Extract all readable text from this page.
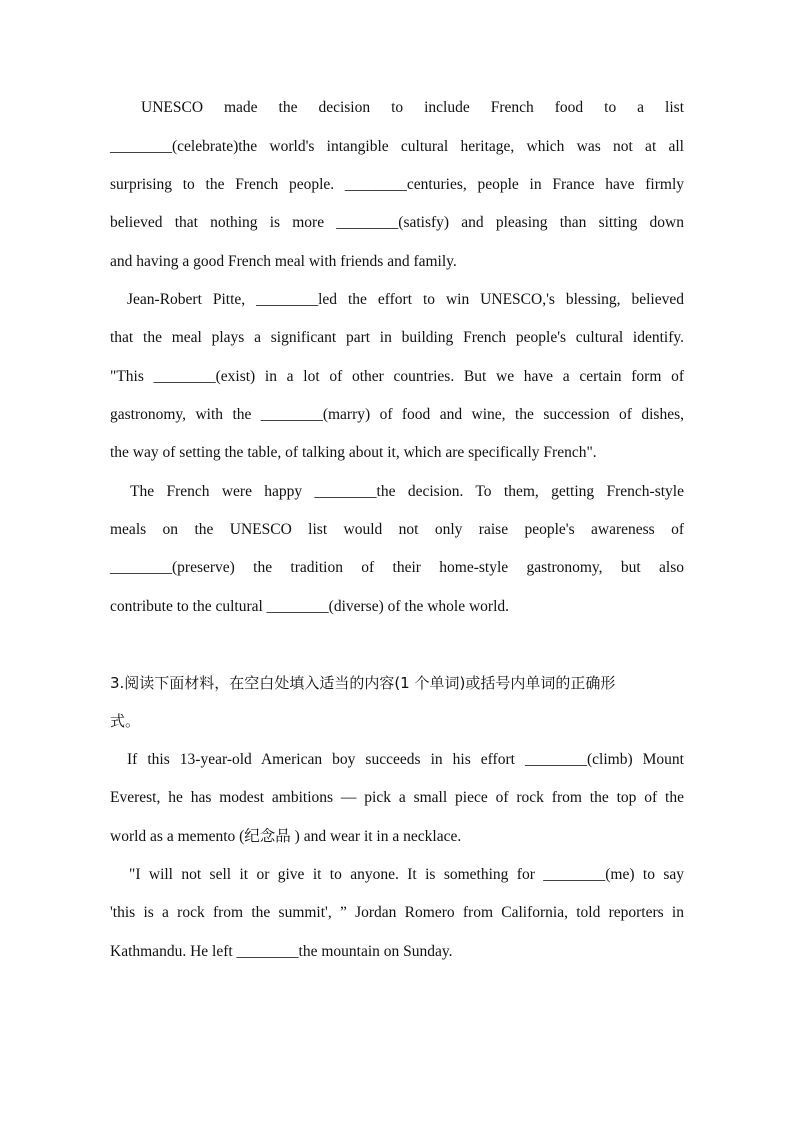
UNESCO made the decision to include French food to a list
________(celebrate)the world's intangible cultural heritage, which was not at all
surprising to the French people. ________centuries, people in France have firmly
believed that nothing is more ________(satisfy) and pleasing than sitting down
and having a good French meal with friends and family.
Jean-Robert Pitte, ________led the effort to win UNESCO,'s blessing, believed
that the meal plays a significant part in building French people's cultural identify.
"This ________(exist) in a lot of other countries. But we have a certain form of
gastronomy, with the ________(marry) of food and wine, the succession of dishes,
the way of setting the table, of talking about it, which are specifically French".
The French were happy ________the decision. To them, getting French-style
meals on the UNESCO list would not only raise people's awareness of
________(preserve) the tradition of their home-style gastronomy, but also
contribute to the cultural ________(diverse) of the whole world.
3.阅读下面材料，在空白处填入适当的内容(1 个单词)或括号内单词的正确形
式。
If this 13-year-old American boy succeeds in his effort ________(climb) Mount
Everest, he has modest ambitions — pick a small piece of rock from the top of the
world as a memento (纪念品 ) and wear it in a necklace.
"I will not sell it or give it to anyone. It is something for ________(me) to say
'this is a rock from the summit', ” Jordan Romero from California, told reporters in
Kathmandu. He left ________the mountain on Sunday.
